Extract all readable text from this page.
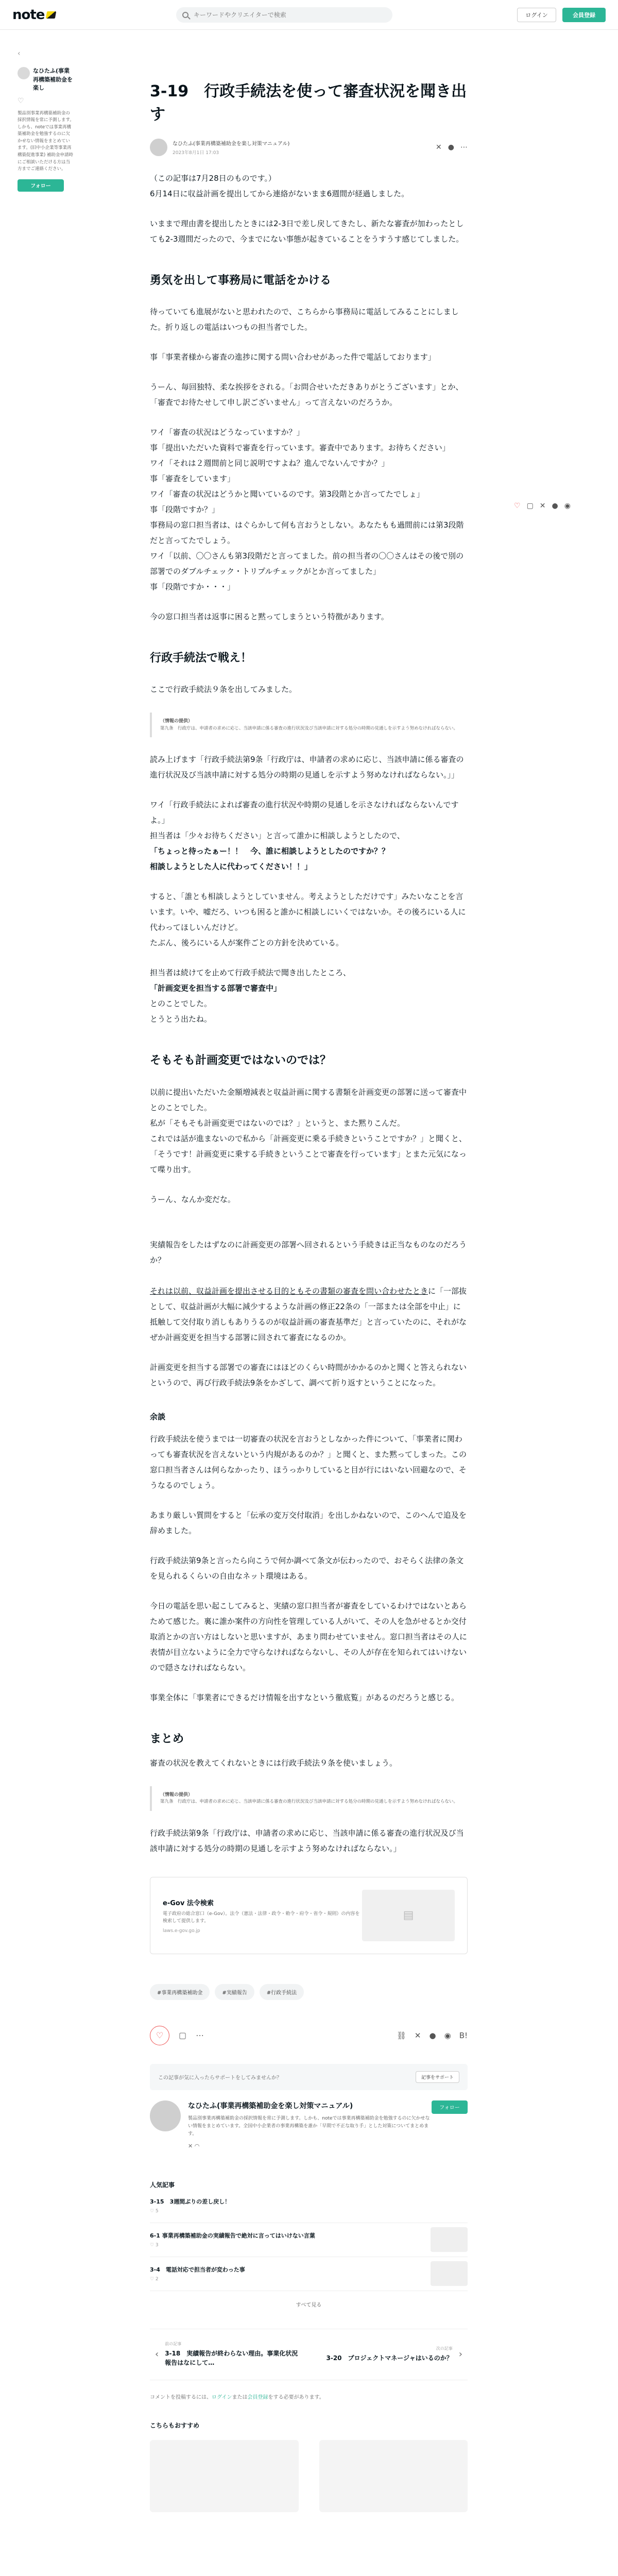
note
キーワードやクリエイターで検索	ログイン	会員登録
‹
なひたふ(事業再構築補助金を楽し
♡
製品別事業再構築補助金の採択情報を常に予測します。しかも、noteでは事業再構築補助金を勉強するのに欠かせない情報をまとめています。(旧中小企業等事業再構築促進事業) 補助金申請時にご相談いただける方は当方までご連絡ください。
フォロー
♡ ▢ ✕ ● ◉
3-19　行政手続法を使って審査状況を聞き出す
なひたふ(事業再構築補助金を楽し対策マニュアル)
2023年8月1日 17:03
✕ ● ⋯

（この記事は7月28日のものです。）
6月14日に収益計画を提出してから連絡がないまま6週間が経過しました。

いままで理由書を提出したときには2-3日で差し戻してきたし、新たな審査が加わったとしても2-3週間だったので、今までにない事態が起きていることをうすうす感じてしました。

勇気を出して事務局に電話をかける

待っていても進展がないと思われたので、こちらから事務局に電話してみることにしました。折り返しの電話はいつもの担当者でした。

事「事業者様から審査の進捗に関する問い合わせがあった件で電話しております」

うーん、毎回独特、柔な挨拶をされる。「お問合せいただきありがとうございます」とか、「審査でお待たせして申し訳ございません」って言えないのだろうか。

ワイ「審査の状況はどうなっていますか？」
事「提出いただいた資料で審査を行っています。審査中であります。お待ちください」
ワイ「それは２週間前と同じ説明ですよね？進んでないんですか？」
事「審査をしています」
ワイ「審査の状況はどうかと聞いているのです。第3段階とか言ってたでしょ」
事「段階ですか？」
事務局の窓口担当者は、はぐらかして何も言おうとしない。あなたもも過間前には第3段階だと言ってたでしょう。
ワイ「以前、〇〇さんも第3段階だと言ってました。前の担当者の〇〇さんはその後で別の部署でのダブルチェック・トリプルチェックがとか言ってました」
事「段階ですか・・・」

今の窓口担当者は返事に困ると黙ってしまうという特徴があります。

行政手続法で戦え！

ここで行政手続法９条を出してみました。

（情報の提供）
第九条　行政庁は、申請者の求めに応じ、当該申請に係る審査の進行状況及び当該申請に対する処分の時期の見通しを示すよう努めなければならない。

読み上げます「行政手続法第9条「行政庁は、申請者の求めに応じ、当該申請に係る審査の進行状況及び当該申請に対する処分の時期の見通しを示すよう努めなければならない。」」

ワイ「行政手続法によれば審査の進行状況や時期の見通しを示さなければならないんですよ。」
担当者は「少々お待ちください」と言って誰かに相談しようとしたので、

「ちょっと待ったぁー！！　今、誰に相談しようとしたのですか？？
相談しようとした人に代わってください！！」

すると、「誰とも相談しようとしていません。考えようとしただけです」みたいなことを言います。いや、嘘だろ、いつも困ると誰かに相談しにいくではないか。その後ろにいる人に代わってほしいんだけど。
たぶん、後ろにいる人が案件ごとの方針を決めている。

担当者は続けてを止めて行政手続法で聞き出したところ、

「計画変更を担当する部署で審査中」

とのことでした。
とうとう出たね。

そもそも計画変更ではないのでは？

以前に提出いただいた金額増減表と収益計画に関する書類を計画変更の部署に送って審査中とのことでした。
私が「そもそも計画変更ではないのでは？」というと、また黙りこんだ。
これでは話が進まないので私から「計画変更に乗る手続きということですか？」と聞くと、「そうです！計画変更に乗する手続きということで審査を行っています」とまた元気になって喋り出す。

うーん、なんか変だな。

実績報告をしたはずなのに計画変更の部署へ回されるという手続きは正当なものなのだろうか？

それは以前、収益計画を提出させる目的ともその書類の審査を問い合わせたときに「一部抜として、収益計画が大幅に減少するような計画の修正22条の「一部または全部を中止」に抵触して交付取り消しもありうるのが収益計画の審査基準だ」と言っていたのに、それがなぜか計画変更を担当する部署に回されて審査になるのか。

計画変更を担当する部署での審査にはほどのくらい時間がかかるのかと聞くと答えられないというので、再び行政手続法9条をかざして、調べて折り返すということになった。

余談

行政手続法を使うまでは一切審査の状況を言おうとしなかった件について、「事業者に関わっても審査状況を言えないという内規があるのか？」と聞くと、また黙ってしまった。この窓口担当者さんは何らなかったり、ほうっかりしていると目が行にはいない回避なので、そうなるのでしょう。

あまり厳しい質問をすると「伝承の変万交付取消」を出しかねないので、このへんで追及を辞めました。

行政手続法第9条と言ったら向こうで何か調べて条文が伝わったので、おそらく法律の条文を見られるくらいの自由なネット環境はある。

今日の電話を思い起こしてみると、実績の窓口担当者が審査をしているわけではないとあらためて感じた。裏に誰か案件の方向性を管理している人がいて、その人を急がせるとか交付取消とかの言い方はしないと思いますが、あまり問わせていません。窓口担当者はその人に表情が目立ないように全力で守らなければならないし、その人が存在を知られてはいけないので隠さなければならない。

事業全体に「事業者にできるだけ情報を出すなという徹底覧」があるのだろうと感じる。

まとめ

審査の状況を教えてくれないときには行政手続法９条を使いましょう。

（情報の提供）
第九条　行政庁は、申請者の求めに応じ、当該申請に係る審査の進行状況及び当該申請に対する処分の時期の見通しを示すよう努めなければならない。

行政手続法第9条「行政庁は、申請者の求めに応じ、当該申請に係る審査の進行状況及び当該申請に対する処分の時期の見通しを示すよう努めなければならない。」

e-Gov 法令検索
電子政府の総合窓口（e-Gov）。法令（憲法・法律・政令・勅令・府令・省令・規則）の内容を検索して提供します。
laws.e-gov.go.jp
▤
#事業再構築補助金	#実績報告	#行政手続法
♡ ▢ ⋯	⛓ ✕ ● ◉ B!
この記事が気に入ったらサポートをしてみませんか？	記事をサポート
なひたふ(事業再構築補助金を楽し対策マニュアル)
製品別事業再構築補助金の採択情報を常に予測します。しかも、noteでは事業再構築補助金を勉強するのに欠かせない情報をまとめています。全国中小企業者の事業再構築を誰か「早期で不正な取り手」とした対策についてまとめます。
✕ ◠
フォロー
人気記事
3-15　3週間ぶりの差し戻し！
♡ 5
6-1 事業再構築補助金の実績報告で絶対に言ってはいけない言葉
♡ 3
3-4　電話対応で担当者が変わった事
♡ 2
すべて見る
‹
前の記事
3-18　実績報告が終わらない理由。事業化状況報告はなにして…
次の記事
3-20　プロジェクトマネージャはいるのか？ ›
コメントを投稿するには、ログインまたは会員登録をする必要があります。
こちらもおすすめ
